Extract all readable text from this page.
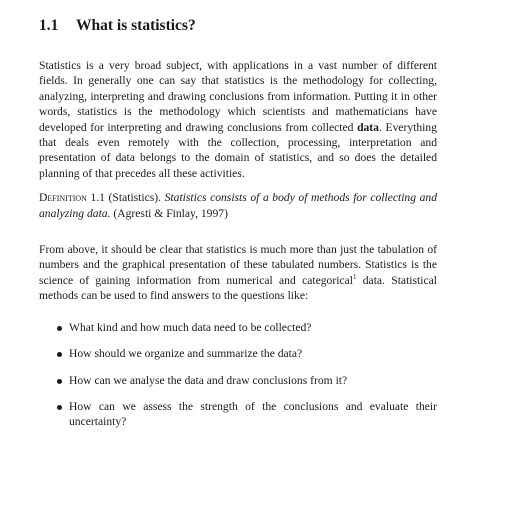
1.1 What is statistics?

Statistics is a very broad subject, with applications in a vast number of different fields. In generally one can say that statistics is the methodology for collecting, analyzing, interpreting and drawing conclusions from information. Putting it in other words, statistics is the methodology which scientists and mathematicians have developed for interpreting and drawing conclusions from collected data. Everything that deals even remotely with the collection, processing, interpretation and presentation of data belongs to the domain of statistics, and so does the detailed planning of that precedes all these activities.

Definition 1.1 (Statistics). Statistics consists of a body of methods for collecting and analyzing data. (Agresti & Finlay, 1997)

From above, it should be clear that statistics is much more than just the tabulation of numbers and the graphical presentation of these tabulated numbers. Statistics is the science of gaining information from numerical and categorical$^1$ data. Statistical methods can be used to find answers to the questions like:

What kind and how much data need to be collected?
How should we organize and summarize the data?
How can we analyse the data and draw conclusions from it?
How can we assess the strength of the conclusions and evaluate their uncertainty?
